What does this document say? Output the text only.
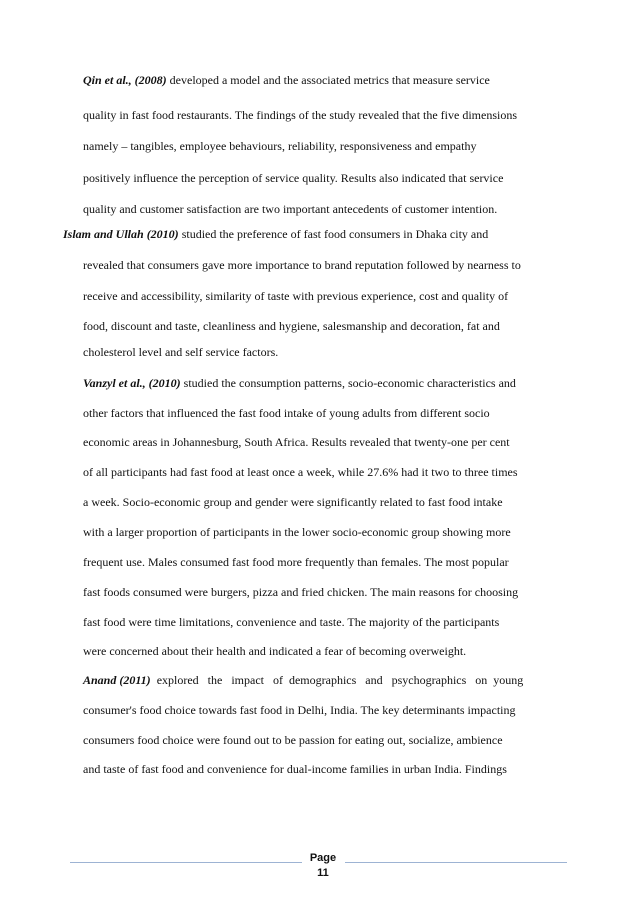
Qin et al., (2008) developed a model and the associated metrics that measure service
quality in fast food restaurants. The findings of the study revealed that the five dimensions
namely – tangibles, employee behaviours, reliability, responsiveness and empathy
positively influence the perception of service quality. Results also indicated that service
quality and customer satisfaction are two important antecedents of customer intention.
Islam and Ullah (2010) studied the preference of fast food consumers in Dhaka city and
revealed that consumers gave more importance to brand reputation followed by nearness to
receive and accessibility, similarity of taste with previous experience, cost and quality of
food, discount and taste, cleanliness and hygiene, salesmanship and decoration, fat and
cholesterol level and self service factors.
Vanzyl et al., (2010) studied the consumption patterns, socio-economic characteristics and
other factors that influenced the fast food intake of young adults from different socio
economic areas in Johannesburg, South Africa. Results revealed that twenty-one per cent
of all participants had fast food at least once a week, while 27.6% had it two to three times
a week. Socio-economic group and gender were significantly related to fast food intake
with a larger proportion of participants in the lower socio-economic group showing more
frequent use. Males consumed fast food more frequently than females. The most popular
fast foods consumed were burgers, pizza and fried chicken. The main reasons for choosing
fast food were time limitations, convenience and taste. The majority of the participants
were concerned about their health and indicated a fear of becoming overweight.
Anand (2011)  explored   the   impact   of  demographics   and   psychographics   on  young
consumer's food choice towards fast food in Delhi, India. The key determinants impacting
consumers food choice were found out to be passion for eating out, socialize, ambience
and taste of fast food and convenience for dual-income families in urban India. Findings
Page
11
